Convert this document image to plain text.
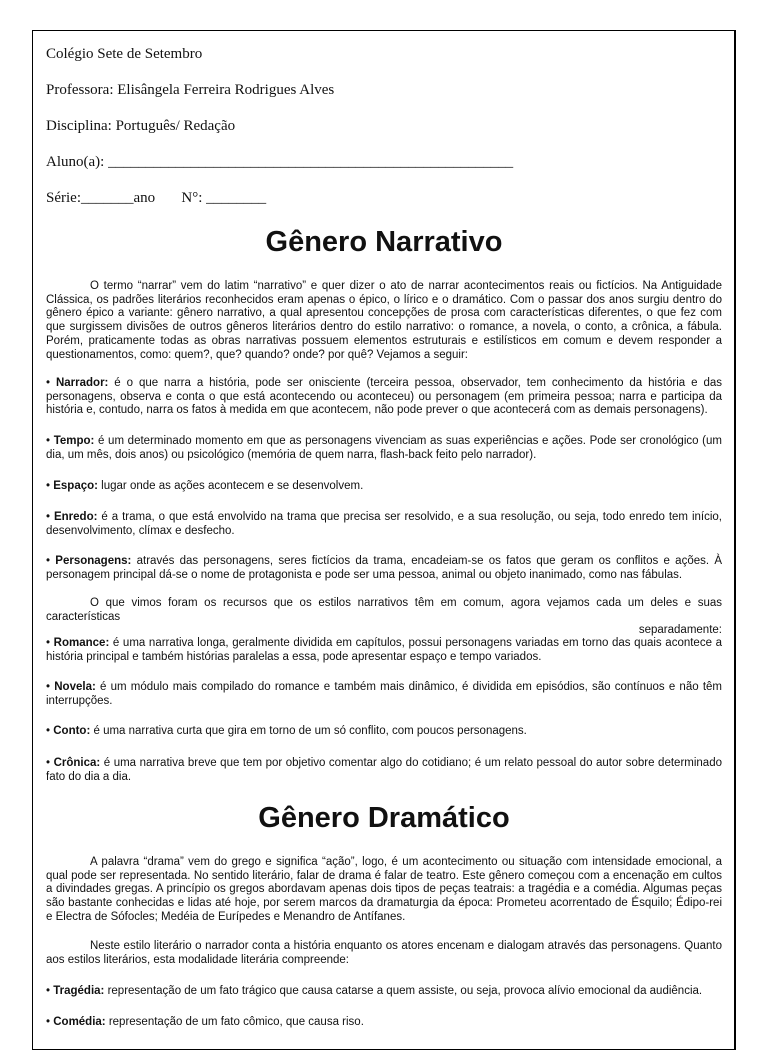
Colégio Sete de Setembro
Professora: Elisângela Ferreira Rodrigues Alves
Disciplina: Português/ Redação
Aluno(a): ______________________________________________________
Série:_______ano       N°: ________
Gênero Narrativo

O termo “narrar” vem do latim “narrativo” e quer dizer o ato de narrar acontecimentos reais ou fictícios. Na Antiguidade Clássica, os padrões literários reconhecidos eram apenas o épico, o lírico e o dramático. Com o passar dos anos surgiu dentro do gênero épico a variante: gênero narrativo, a qual apresentou concepções de prosa com características diferentes, o que fez com que surgissem divisões de outros gêneros literários dentro do estilo narrativo: o romance, a novela, o conto, a crônica, a fábula. Porém, praticamente todas as obras narrativas possuem elementos estruturais e estilísticos em comum e devem responder a questionamentos, como: quem?, que? quando? onde? por quê? Vejamos a seguir:

• Narrador: é o que narra a história, pode ser onisciente (terceira pessoa, observador, tem conhecimento da história e das personagens, observa e conta o que está acontecendo ou aconteceu) ou personagem (em primeira pessoa; narra e participa da história e, contudo, narra os fatos à medida em que acontecem, não pode prever o que acontecerá com as demais personagens).
• Tempo: é um determinado momento em que as personagens vivenciam as suas experiências e ações. Pode ser cronológico (um dia, um mês, dois anos) ou psicológico (memória de quem narra, flash-back feito pelo narrador).
• Espaço: lugar onde as ações acontecem e se desenvolvem.
• Enredo: é a trama, o que está envolvido na trama que precisa ser resolvido, e a sua resolução, ou seja, todo enredo tem início, desenvolvimento, clímax e desfecho.
• Personagens: através das personagens, seres fictícios da trama, encadeiam-se os fatos que geram os conflitos e ações. À personagem principal dá-se o nome de protagonista e pode ser uma pessoa, animal ou objeto inanimado, como nas fábulas.

O que vimos foram os recursos que os estilos narrativos têm em comum, agora vejamos cada um deles e suas características

separadamente:

• Romance: é uma narrativa longa, geralmente dividida em capítulos, possui personagens variadas em torno das quais acontece a história principal e também histórias paralelas a essa, pode apresentar espaço e tempo variados.
• Novela: é um módulo mais compilado do romance e também mais dinâmico, é dividida em episódios, são contínuos e não têm interrupções.
• Conto: é uma narrativa curta que gira em torno de um só conflito, com poucos personagens.
• Crônica: é uma narrativa breve que tem por objetivo comentar algo do cotidiano; é um relato pessoal do autor sobre determinado fato do dia a dia.
Gênero Dramático

A palavra “drama” vem do grego e significa “ação”, logo, é um acontecimento ou situação com intensidade emocional, a qual pode ser representada. No sentido literário, falar de drama é falar de teatro. Este gênero começou com a encenação em cultos a divindades gregas. A princípio os gregos abordavam apenas dois tipos de peças teatrais: a tragédia e a comédia. Algumas peças são bastante conhecidas e lidas até hoje, por serem marcos da dramaturgia da época: Prometeu acorrentado de Ésquilo; Édipo-rei e Electra de Sófocles; Medéia de Eurípedes e Menandro de Antífanes.

Neste estilo literário o narrador conta a história enquanto os atores encenam e dialogam através das personagens. Quanto aos estilos literários, esta modalidade literária compreende:

• Tragédia: representação de um fato trágico que causa catarse a quem assiste, ou seja, provoca alívio emocional da audiência.
• Comédia: representação de um fato cômico, que causa riso.
